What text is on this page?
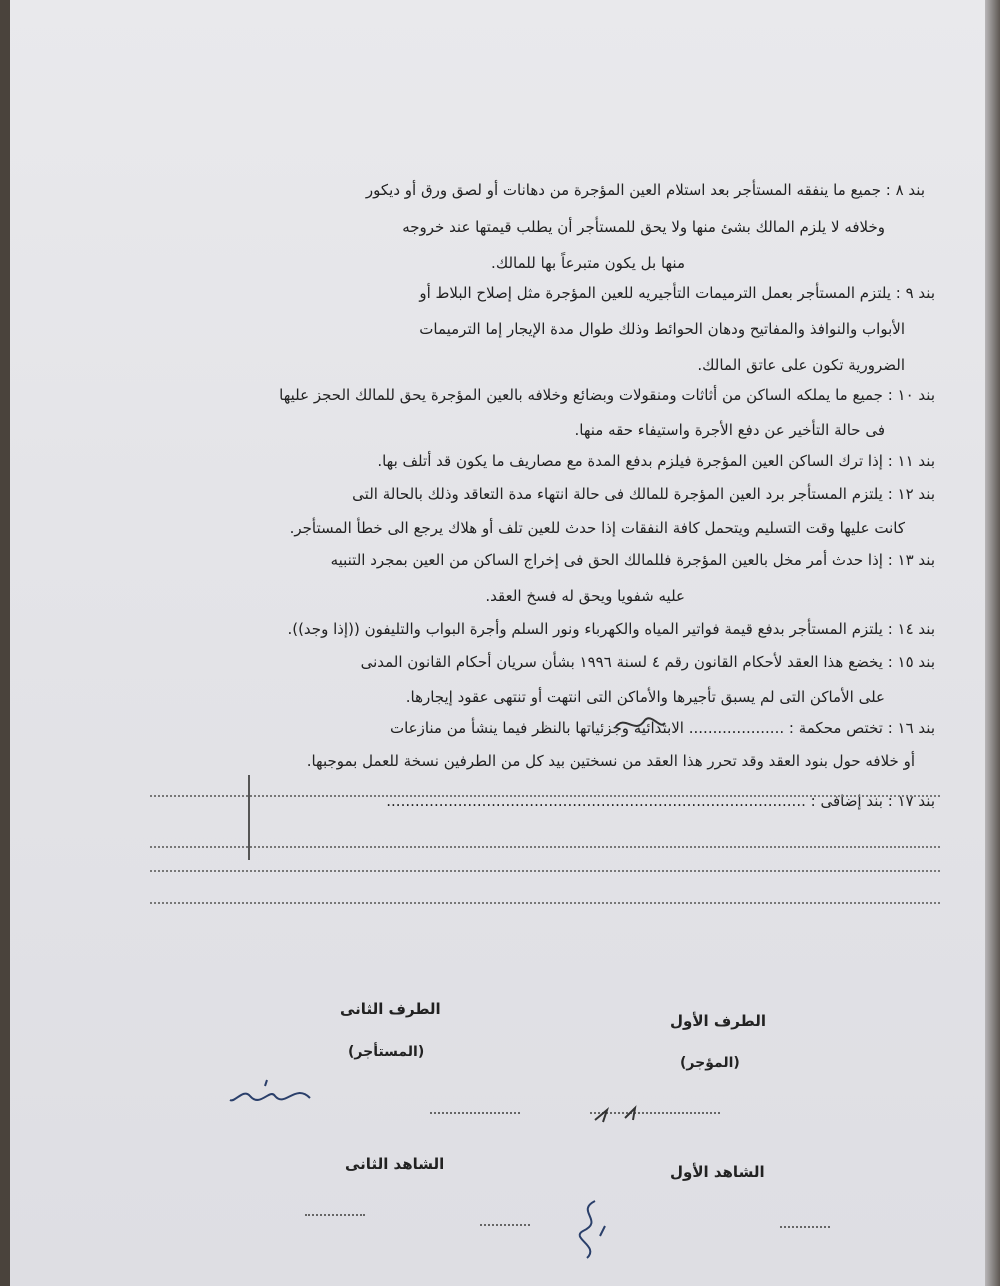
بند ٨ : جميع ما ينفقه المستأجر بعد استلام العين المؤجرة من دهانات أو لصق ورق أو ديكور
وخلافه لا يلزم المالك بشئ منها ولا يحق للمستأجر أن يطلب قيمتها عند خروجه
منها بل يكون متبرعاً بها للمالك.
بند ٩ : يلتزم المستأجر بعمل الترميمات التأجيريه للعين المؤجرة مثل إصلاح البلاط أو
الأبواب والنوافذ والمفاتيح ودهان الحوائط وذلك طوال مدة الإيجار إما الترميمات
الضرورية تكون على عاتق المالك.
بند ١٠ : جميع ما يملكه الساكن من أثاثات ومنقولات وبضائع وخلافه بالعين المؤجرة يحق للمالك الحجز عليها
فى حالة التأخير عن دفع الأجرة واستيفاء حقه منها.
بند ١١ : إذا ترك الساكن العين المؤجرة فيلزم بدفع المدة مع مصاريف ما يكون قد أتلف بها.
بند ١٢ : يلتزم المستأجر برد العين المؤجرة للمالك فى حالة انتهاء مدة التعاقد وذلك بالحالة التى
كانت عليها وقت التسليم ويتحمل كافة النفقات إذا حدث للعين تلف أو هلاك يرجع الى خطأ المستأجر.
بند ١٣ : إذا حدث أمر مخل بالعين المؤجرة فللمالك الحق فى إخراج الساكن من العين بمجرد التنبيه
عليه شفويا ويحق له فسخ العقد.
بند ١٤ : يلتزم المستأجر بدفع قيمة فواتير المياه والكهرباء ونور السلم وأجرة البواب والتليفون ((إذا وجد)).
بند ١٥ : يخضع هذا العقد لأحكام القانون رقم ٤ لسنة ١٩٩٦ بشأن سريان أحكام القانون المدنى
على الأماكن التى لم يسبق تأجيرها والأماكن التى انتهت أو تنتهى عقود إيجارها.
بند ١٦ : تختص محكمة : .................... الابتدائية وجزئياتها بالنظر فيما ينشأ من منازعات
أو خلافه حول بنود العقد وقد تحرر هذا العقد من نسختين بيد كل من الطرفين نسخة للعمل بموجبها.
بند ١٧ : بند إضافى : ........................................................................................
الطرف الأول
(المؤجر)
الطرف الثانى
(المستأجر)
الشاهد الأول
الشاهد الثانى
